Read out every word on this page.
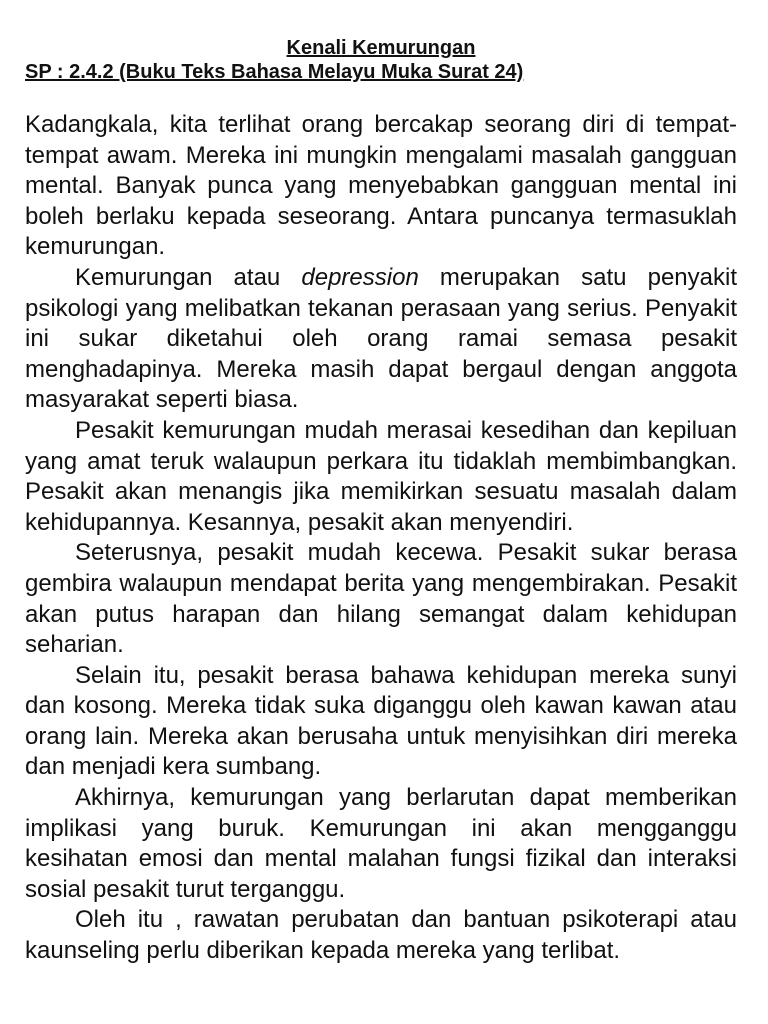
Kenali Kemurungan

SP : 2.4.2 (Buku Teks Bahasa Melayu Muka Surat 24)

Kadangkala, kita terlihat orang bercakap seorang diri di tempat-tempat awam. Mereka ini mungkin mengalami masalah gangguan mental. Banyak punca yang menyebabkan gangguan mental ini boleh berlaku kepada seseorang. Antara puncanya termasuklah kemurungan.

Kemurungan atau depression merupakan satu penyakit psikologi yang melibatkan tekanan perasaan yang serius. Penyakit ini sukar diketahui oleh orang ramai semasa pesakit menghadapinya. Mereka masih dapat bergaul dengan anggota masyarakat seperti biasa.

Pesakit kemurungan mudah merasai kesedihan dan kepiluan yang amat teruk walaupun perkara itu tidaklah membimbangkan. Pesakit akan menangis jika memikirkan sesuatu masalah dalam kehidupannya. Kesannya, pesakit akan menyendiri.

Seterusnya, pesakit mudah kecewa. Pesakit sukar berasa gembira walaupun mendapat berita yang mengembirakan. Pesakit akan putus harapan dan hilang semangat dalam kehidupan seharian.

Selain itu, pesakit berasa bahawa kehidupan mereka sunyi dan kosong. Mereka tidak suka diganggu oleh kawan kawan atau orang lain. Mereka akan berusaha untuk menyisihkan diri mereka dan menjadi kera sumbang.

Akhirnya, kemurungan yang berlarutan dapat memberikan implikasi yang buruk. Kemurungan ini akan mengganggu kesihatan emosi dan mental malahan fungsi fizikal dan interaksi sosial pesakit turut terganggu.

Oleh itu , rawatan perubatan dan bantuan psikoterapi atau kaunseling perlu diberikan kepada mereka yang terlibat.
